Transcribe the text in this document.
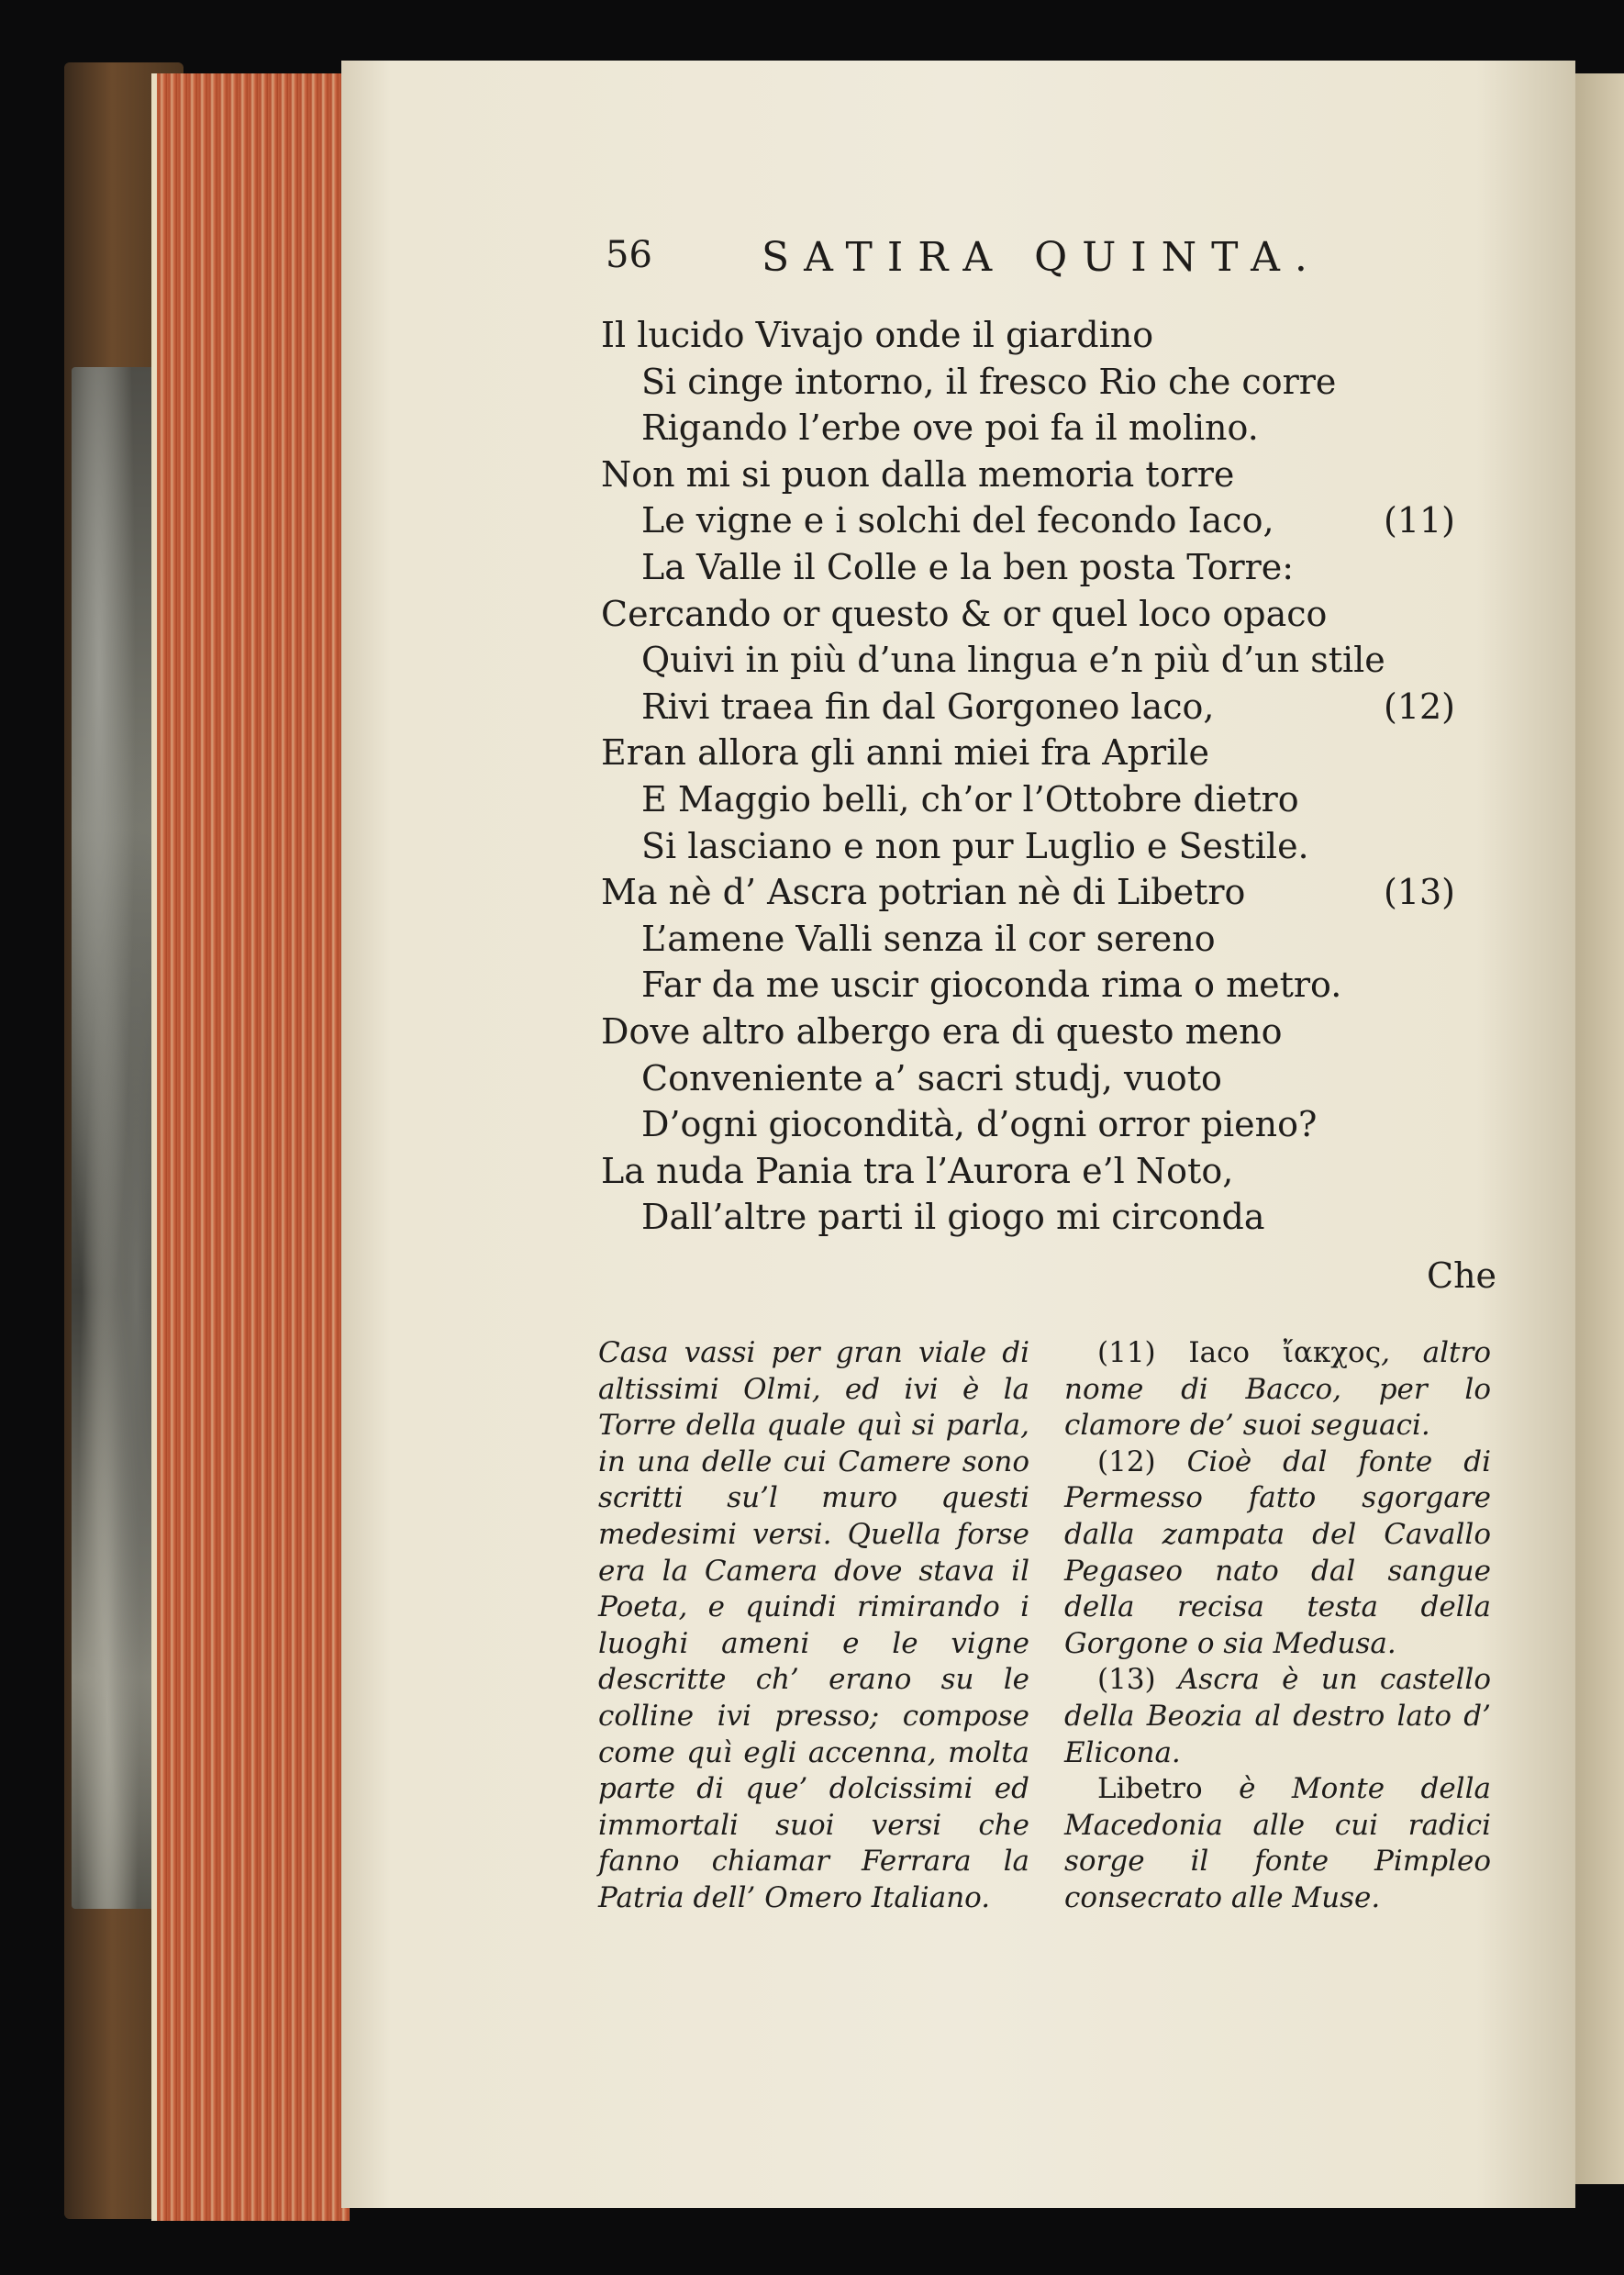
56	SATIRA QUINTA.
Il lucido Vivajo onde il giardino
Si cinge intorno, il fresco Rio che corre
Rigando l’erbe ove poi fa il molino.
Non mi si puon dalla memoria torre
Le vigne e i solchi del fecondo Iaco,	(11)
La Valle il Colle e la ben posta Torre:
Cercando or questo & or quel loco opaco
Quivi in più d’una lingua e’n più d’un stile
Rivi traea fin dal Gorgoneo laco,	(12)
Eran allora gli anni miei fra Aprile
E Maggio belli, ch’or l’Ottobre dietro
Si lasciano e non pur Luglio e Sestile.
Ma nè d’ Ascra potrian nè di Libetro	(13)
L’amene Valli senza il cor sereno
Far da me uscir gioconda rima o metro.
Dove altro albergo era di questo meno
Conveniente a’ sacri studj, vuoto
D’ogni giocondità, d’ogni orror pieno?
La nuda Pania tra l’Aurora e’l Noto,
Dall’altre parti il giogo mi circonda
Che

Casa vassi per gran viale di altissimi Olmi, ed ivi è la Torre della quale quì si parla, in una delle cui Camere sono scritti su’l muro questi medesimi versi. Quella forse era la Camera dove stava il Poeta, e quindi rimirando i luoghi ameni e le vigne descritte ch’ erano su le colline ivi presso; compose come quì egli accenna, molta parte di que’ dolcissimi ed immortali suoi versi che fanno chiamar Ferrara la Patria dell’ Omero Italiano.

(11) Iaco ἴακχος, altro nome di Bacco, per lo clamore de’ suoi seguaci.

(12) Cioè dal fonte di Permesso fatto sgorgare dalla zampata del Cavallo Pegaseo nato dal sangue della recisa testa della Gorgone o sia Medusa.

(13) Ascra è un castello della Beozia al destro lato d’ Elicona.

Libetro è Monte della Macedonia alle cui radici sorge il fonte Pimpleo consecrato alle Muse.
